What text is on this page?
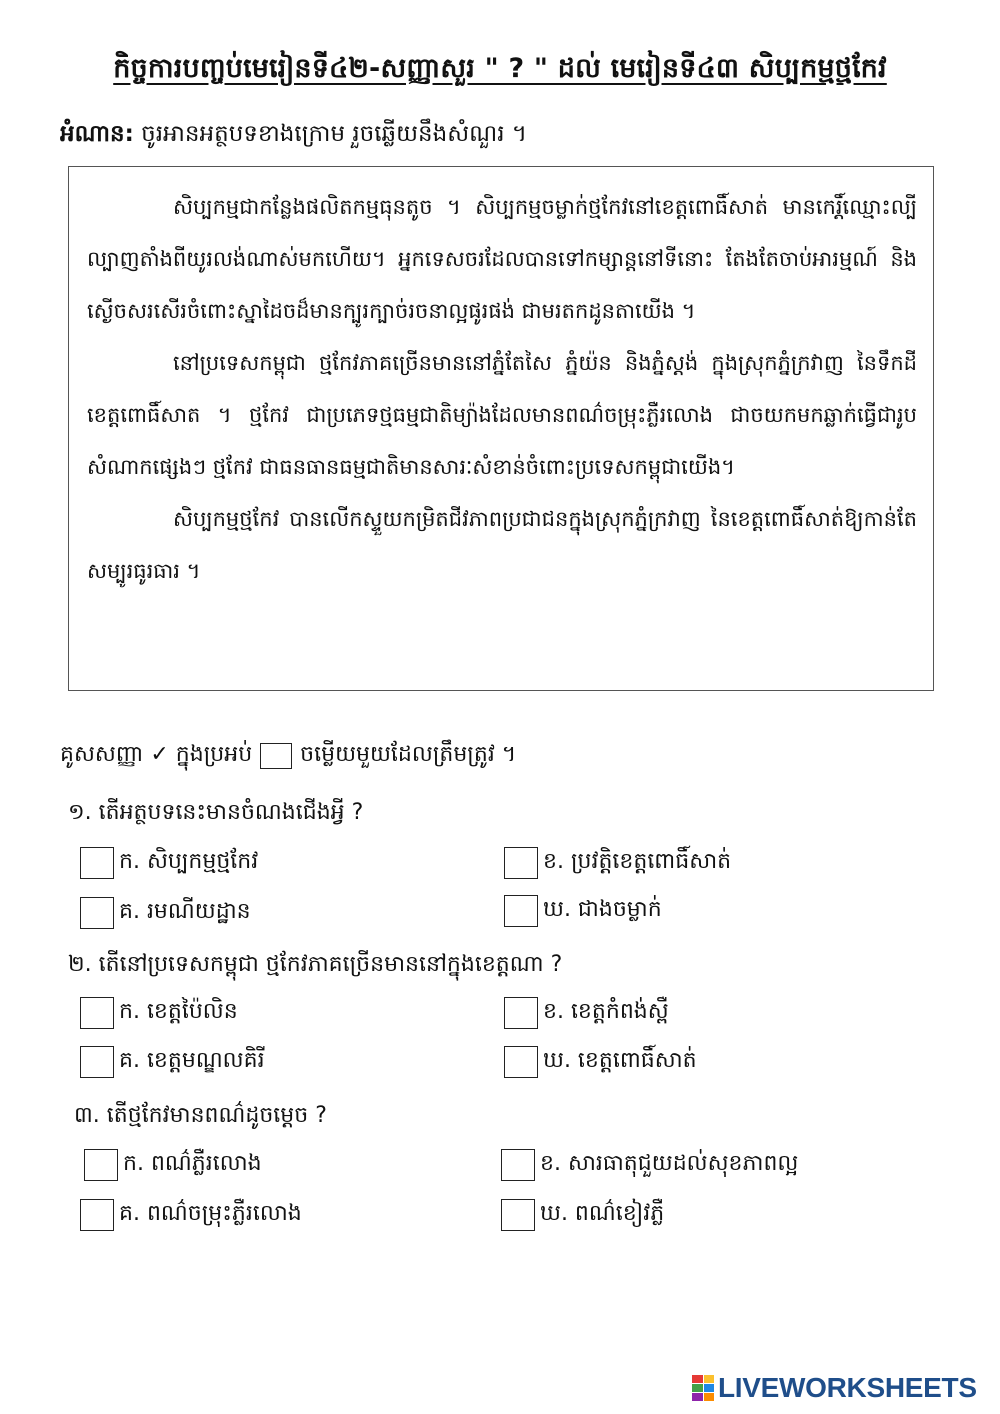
កិច្ចការបញ្ចប់មេរៀនទី៤២-សញ្ញាសួរ " ? " ដល់ មេរៀនទី៤៣ សិប្បកម្មថ្មកែវ
អំណាន: ចូរអានអត្ថបទខាងក្រោម រួចឆ្លើយនឹងសំណួរ ។

សិប្បកម្មជាកន្លែងផលិតកម្មធុនតូច ។ សិប្បកម្មចម្លាក់ថ្មកែវនៅខេត្តពោធិ៍សាត់ មានកេរ្តិ៍ឈ្មោះល្បីល្បាញតាំងពីយូរលង់ណាស់មកហើយ។ អ្នកទេសចរដែលបានទៅកម្សាន្តនៅទីនោះ តែងតែចាប់អារម្មណ៍ និងស្ងើចសរសើរចំពោះស្នាដៃចដ៏មានក្បូរក្បាច់រចនាល្អផូរផង់ ជាមរតកដូនតាយើង ។

នៅប្រទេសកម្ពុជា ថ្មកែវភាគច្រើនមាននៅភ្នំតែសៃ ភ្នំយ៉ន និងភ្នំស្តង់ ក្នុងស្រុកភ្នំក្រវាញ នៃទឹកដីខេត្តពោធិ៍សាត ។ ថ្មកែវ ជាប្រភេទថ្មធម្មជាតិម្យ៉ាងដែលមានពណ៌ចម្រុះភ្លឺរលោង ជាចយកមកឆ្លាក់ធ្វើជារូបសំណាកផ្សេងៗ ថ្មកែវ ជាធនធានធម្មជាតិមានសារៈសំខាន់ចំពោះប្រទេសកម្ពុជាយើង។

សិប្បកម្មថ្មកែវ បានលើកស្ទួយកម្រិតជីវភាពប្រជាជនក្នុងស្រុកភ្នំក្រវាញ នៃខេត្តពោធិ៍សាត់ឱ្យកាន់តែ សម្បូរធូរធារ ។

គូសសញ្ញា ✓ ក្នុងប្រអប់ ចម្លើយមួយដែលត្រឹមត្រូវ ។
១. តើអត្ថបទនេះមានចំណងជើងអ្វី ?
ក. សិប្បកម្មថ្មកែវ	ខ. ប្រវត្តិខេត្តពោធិ៍សាត់
គ. រមណីយដ្ឋាន	ឃ. ជាងចម្លាក់
២. តើនៅប្រទេសកម្ពុជា ថ្មកែវភាគច្រើនមាននៅក្នុងខេត្តណា ?
ក. ខេត្តប៉ៃលិន	ខ. ខេត្តកំពង់ស្ពឺ
គ. ខេត្តមណ្ឌលគិរី	ឃ. ខេត្តពោធិ៍សាត់
៣. តើថ្មកែវមានពណ៌ដូចម្តេច ?
ក. ពណ៌ភ្លឺរលោង	ខ. សារធាតុជួយដល់សុខភាពល្អ
គ. ពណ៌ចម្រុះភ្លឺរលោង	ឃ. ពណ៌ខៀវភ្លឺ
LIVEWORKSHEETS
